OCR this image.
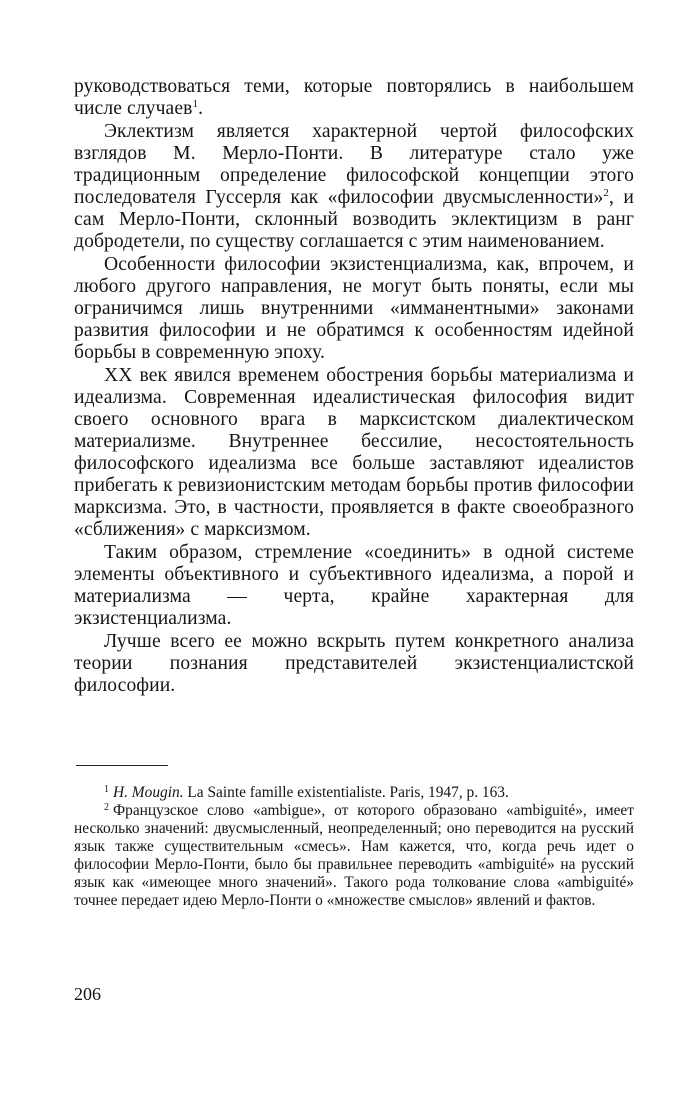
руководствоваться теми, которые повторялись в наибольшем числе случаев$^1$.

Эклектизм является характерной чертой философских взглядов М. Мерло-Понти. В литературе стало уже традиционным определение философской концепции этого последователя Гуссерля как «философии двусмысленности»$^2$, и сам Мерло-Понти, склонный возводить эклектицизм в ранг добродетели, по существу соглашается с этим наименованием.

Особенности философии экзистенциализма, как, впрочем, и любого другого направления, не могут быть поняты, если мы ограничимся лишь внутренними «имманентными» законами развития философии и не обратимся к особенностям идейной борьбы в современную эпоху.

XX век явился временем обострения борьбы материализма и идеализма. Современная идеалистическая философия видит своего основного врага в марксистском диалектическом материализме. Внутреннее бессилие, несостоятельность философского идеализма все больше заставляют идеалистов прибегать к ревизионистским методам борьбы против философии марксизма. Это, в частности, проявляется в факте своеобразного «сближения» с марксизмом.

Таким образом, стремление «соединить» в одной системе элементы объективного и субъективного идеализма, а порой и материализма — черта, крайне характерная для экзистенциализма.

Лучше всего ее можно вскрыть путем конкретного анализа теории познания представителей экзистенциалистской философии.

$^1$ H. Mougin. La Sainte famille existentialiste. Paris, 1947, p. 163.

$^2$ Французское слово «ambigue», от которого образовано «ambiguité», имеет несколько значений: двусмысленный, неопределенный; оно переводится на русский язык также существительным «смесь». Нам кажется, что, когда речь идет о философии Мерло-Понти, было бы правильнее переводить «ambiguité» на русский язык как «имеющее много значений». Такого рода толкование слова «ambiguité» точнее передает идею Мерло-Понти о «множестве смыслов» явлений и фактов.

206
